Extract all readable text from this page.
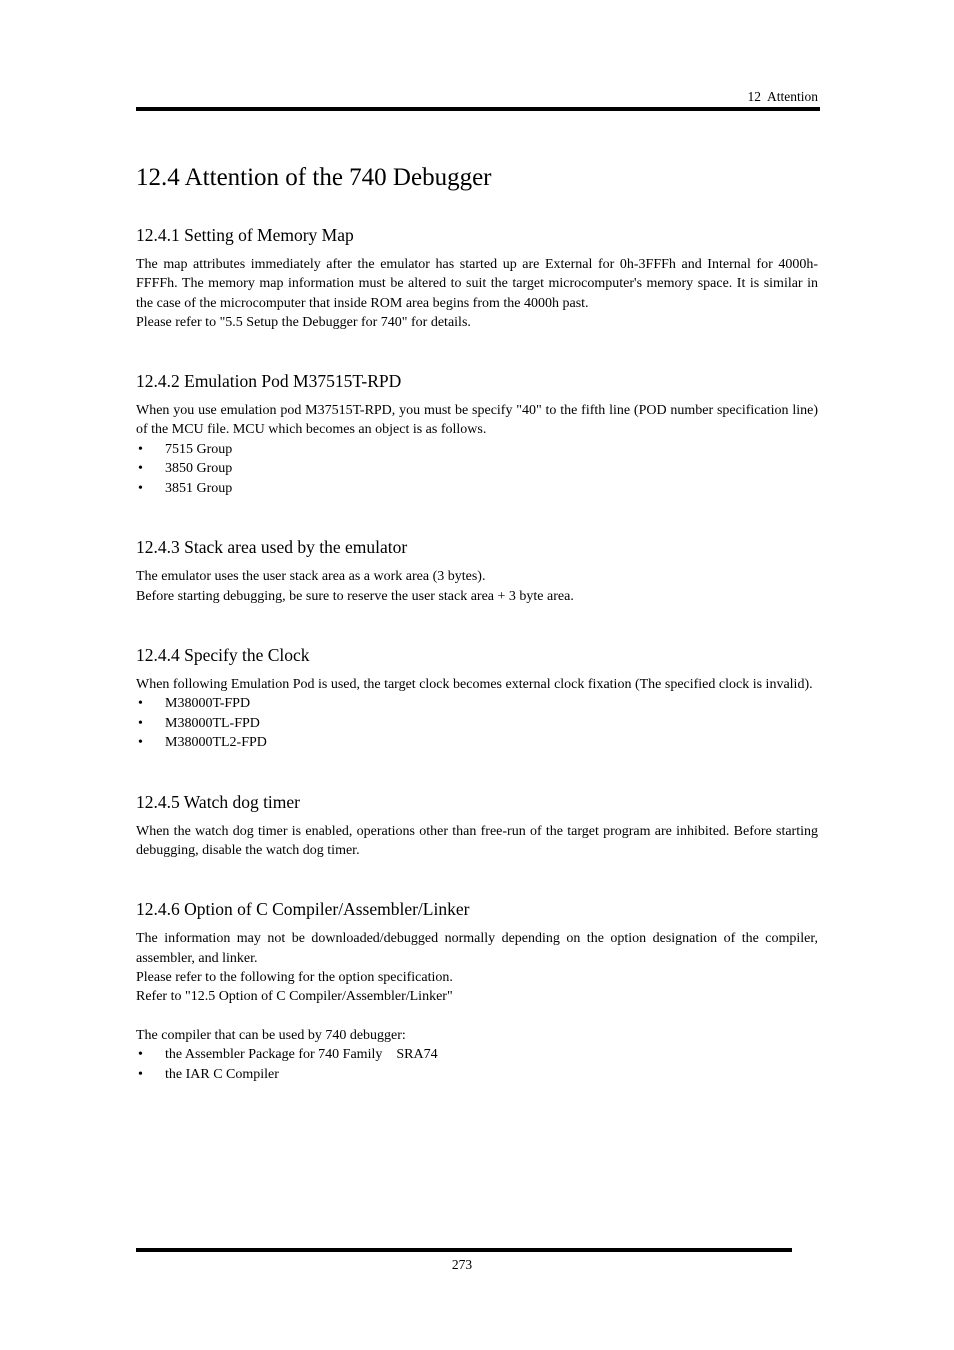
12  Attention
12.4 Attention of the 740 Debugger
12.4.1 Setting of Memory Map

The map attributes immediately after the emulator has started up are External for 0h-3FFFh and Internal for 4000h-FFFFh. The memory map information must be altered to suit the target microcomputer's memory space. It is similar in the case of the microcomputer that inside ROM area begins from the 4000h past.

Please refer to "5.5 Setup the Debugger for 740" for details.

12.4.2 Emulation Pod M37515T-RPD

When you use emulation pod M37515T-RPD, you must be specify "40" to the fifth line (POD number specification line) of the MCU file. MCU which becomes an object is as follows.

• 7515 Group
• 3850 Group
• 3851 Group
12.4.3 Stack area used by the emulator

The emulator uses the user stack area as a work area (3 bytes).

Before starting debugging, be sure to reserve the user stack area + 3 byte area.

12.4.4 Specify the Clock

When following Emulation Pod is used, the target clock becomes external clock fixation (The specified clock is invalid).

• M38000T-FPD
• M38000TL-FPD
• M38000TL2-FPD
12.4.5 Watch dog timer

When the watch dog timer is enabled, operations other than free-run of the target program are inhibited. Before starting debugging, disable the watch dog timer.

12.4.6 Option of C Compiler/Assembler/Linker

The information may not be downloaded/debugged normally depending on the option designation of the compiler, assembler, and linker.

Please refer to the following for the option specification.

Refer to "12.5 Option of C Compiler/Assembler/Linker"

The compiler that can be used by 740 debugger:

• the Assembler Package for 740 Family    SRA74
• the IAR C Compiler
273
